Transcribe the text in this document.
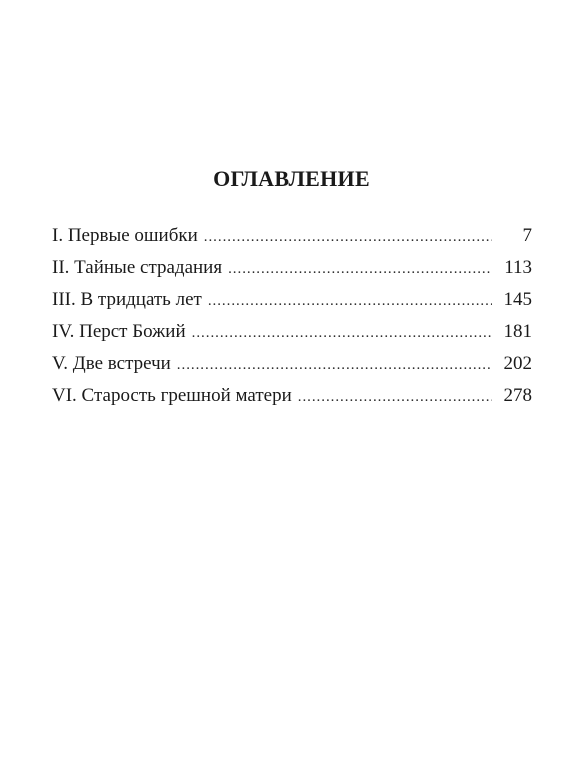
ОГЛАВЛЕНИЕ
I. Первые ошибки . . .	7
II. Тайные страдания . . .	113
III. В тридцать лет . . .	145
IV. Перст Божий . . .	181
V. Две встречи . . .	202
VI. Старость грешной матери . . .	278
